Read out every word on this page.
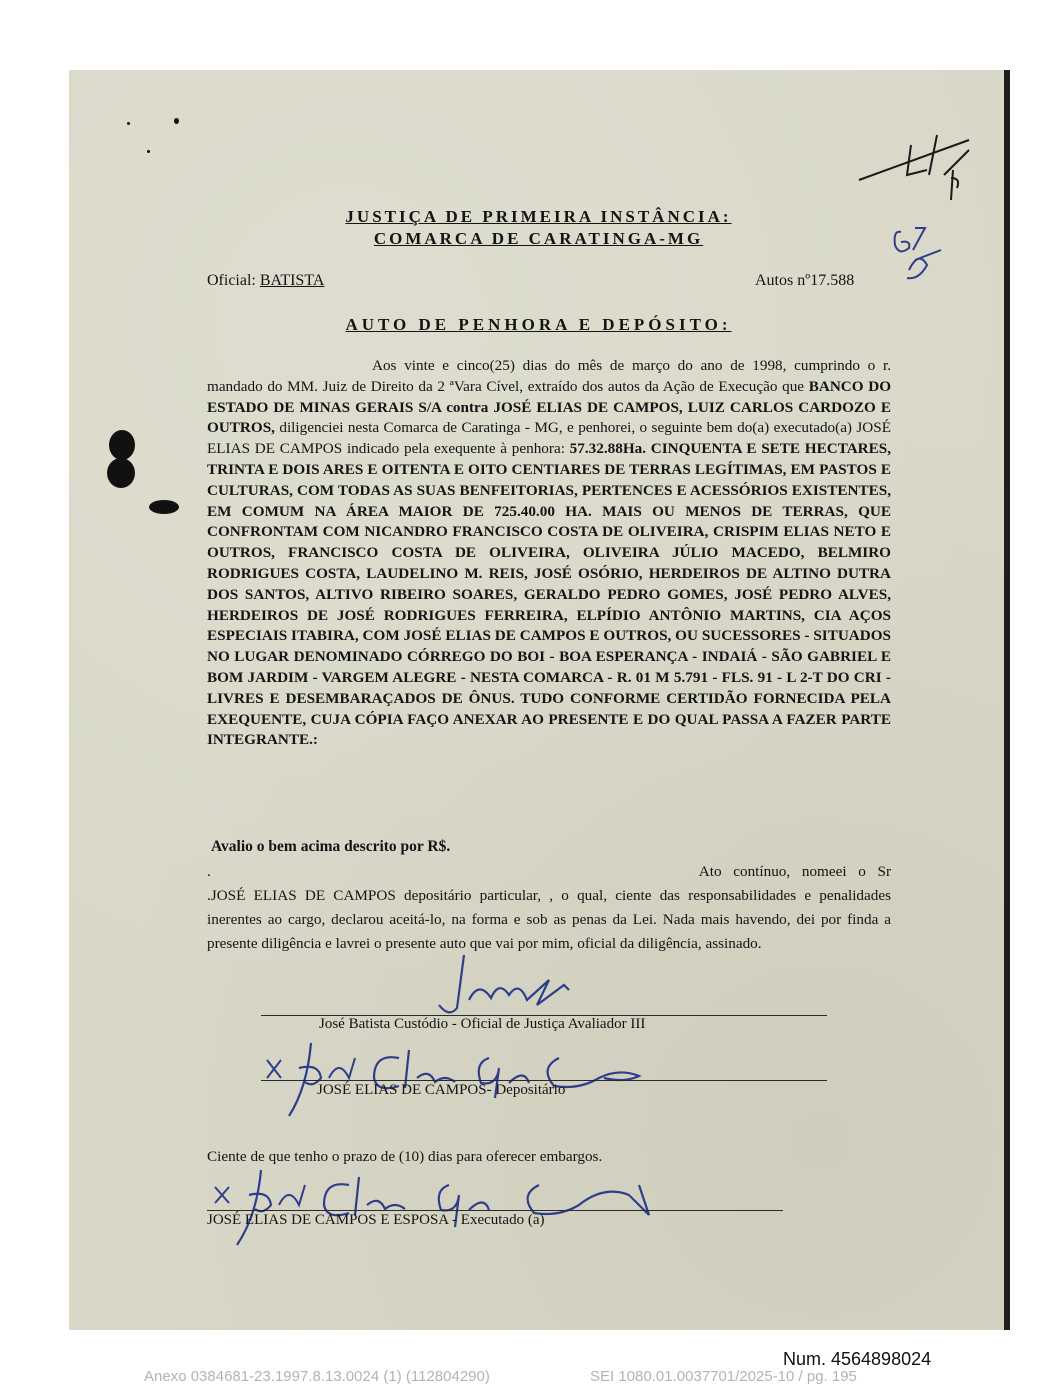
JUSTIÇA DE PRIMEIRA INSTÂNCIA:
COMARCA DE CARATINGA-MG
Oficial: BATISTA	Autos nº17.588
AUTO DE PENHORA E DEPÓSITO:
Aos vinte e cinco(25) dias do mês de março do ano de 1998, cumprindo o r. mandado do MM. Juiz de Direito da 2 ªVara Cível, extraído dos autos da Ação de Execução que BANCO DO ESTADO DE MINAS GERAIS S/A contra JOSÉ ELIAS DE CAMPOS, LUIZ CARLOS CARDOZO E OUTROS, diligenciei nesta Comarca de Caratinga - MG, e penhorei, o seguinte bem do(a) executado(a) JOSÉ ELIAS DE CAMPOS indicado pela exequente à penhora: 57.32.88Ha. CINQUENTA E SETE HECTARES, TRINTA E DOIS ARES E OITENTA E OITO CENTIARES DE TERRAS LEGÍTIMAS, EM PASTOS E CULTURAS, COM TODAS AS SUAS BENFEITORIAS, PERTENCES E ACESSÓRIOS EXISTENTES, EM COMUM NA ÁREA MAIOR DE 725.40.00 HA. MAIS OU MENOS DE TERRAS, QUE CONFRONTAM COM NICANDRO FRANCISCO COSTA DE OLIVEIRA, CRISPIM ELIAS NETO E OUTROS, FRANCISCO COSTA DE OLIVEIRA, OLIVEIRA JÚLIO MACEDO, BELMIRO RODRIGUES COSTA, LAUDELINO M. REIS, JOSÉ OSÓRIO, HERDEIROS DE ALTINO DUTRA DOS SANTOS, ALTIVO RIBEIRO SOARES, GERALDO PEDRO GOMES, JOSÉ PEDRO ALVES, HERDEIROS DE JOSÉ RODRIGUES FERREIRA, ELPÍDIO ANTÔNIO MARTINS, CIA AÇOS ESPECIAIS ITABIRA, COM JOSÉ ELIAS DE CAMPOS E OUTROS, OU SUCESSORES - SITUADOS NO LUGAR DENOMINADO CÓRREGO DO BOI - BOA ESPERANÇA - INDAIÁ - SÃO GABRIEL E BOM JARDIM - VARGEM ALEGRE - NESTA COMARCA - R. 01 M 5.791 - FLS. 91 - L 2-T DO CRI - LIVRES E DESEMBARAÇADOS DE ÔNUS. TUDO CONFORME CERTIDÃO FORNECIDA PELA EXEQUENTE, CUJA CÓPIA FAÇO ANEXAR AO PRESENTE E DO QUAL PASSA A FAZER PARTE INTEGRANTE.:
Avalio o bem acima descrito por R$.
.	Ato contínuo, nomeei o Sr .JOSÉ ELIAS DE CAMPOS depositário particular, , o qual, ciente das responsabilidades e penalidades inerentes ao cargo, declarou aceitá-lo, na forma e sob as penas da Lei. Nada mais havendo, dei por finda a presente diligência e lavrei o presente auto que vai por mim, oficial da diligência, assinado.
José Batista Custódio - Oficial de Justiça Avaliador III
JOSÉ ELIAS DE CAMPOS- Depositário
Ciente de que tenho o prazo de (10) dias para oferecer embargos.
JOSÉ ELIAS DE CAMPOS E ESPOSA - Executado (a)
Num. 4564898024
Anexo 0384681-23.1997.8.13.0024 (1) (112804290)	SEI 1080.01.0037701/2025-10 / pg. 195
